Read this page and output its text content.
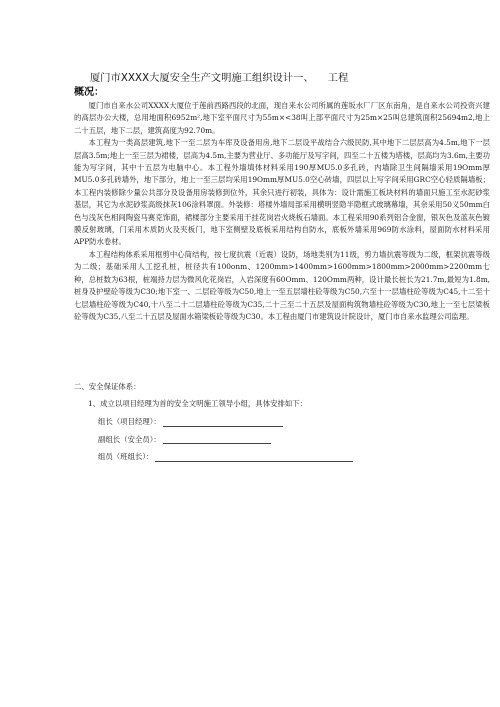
厦门市XXXX大厦安全生产文明施工组织设计一、 工程
概况：

厦门市自来水公司XXXX大厦位于莲前西路西段的北面，现自来水公司所属的莲坂水厂厂区东南角，是自来水公司投资兴建的高层办公大楼，总用地面积6952m²,地下室平面尺寸为55m×<38叫上部平面尺寸为25m×25叫总建筑面积25694m2,地上二十五层，地下二层，建筑高度为92.70m。

本工程为一类高层建筑,地下一至二层为车库及设备用房,地下二层设平战结合六级民防,其中地下二层层高为4.5m,地下一层层高3.5m;地上一至三层为裙楼，层高为4.5m,主要为营业厅、多功能厅及写字间，四至二十五楼为塔楼，层高均为3.6m,主要功能为写字间，其中十五层为电脑中心。本工程外墙填体材料采用190厚MU5.0多孔砖，内墙除卫生间隔墙采用19Omm厚MU5.0多孔砖墙外，地下部分，地上一至三层均采用19Omm厚MU5.0空心砖墙，四层以上写字间采用GRC空心轻质隔墙板；本工程内装修除少量公共部分及设备用房装修到位外，其余只进行初装，具体为：设计需施工板块材料的墙面只施工至水泥砂浆基层，其它为水泥砂浆高级抹灰106涂料罩面。外装修：塔楼外墙局部采用横明竖隐半隐框式玻璃幕墙，其余采用50义50mm白色与浅灰色相间陶瓷马赛克饰面，裙楼部分主要采用干挂花岗岩火烧板石墙面。本工程采用90系列铝合金窗，银灰色及蓝灰色镀膜反射玻璃，门采用木质防火及夹板门，地下室侧壁及底板采用结构自防水，底板外墙采用969防水涂料，屋面防水材料采用APP防水卷材。

本工程结构体系采用框剪中心筒结构，按七度抗震（近震）设防，场地类别为11级，剪力墙抗震等级为二级，框架抗震等级为二级；基础采用人工挖孔桩，桩径共有100onm、1200mm>1400mm>1600mm>1800mm>2000mm>2200mm七种，总桩数为63根，桩端持力层为微风化花岗岩，入岩深度有60Omm、120Omm两种，设计最长桩长为21.7m,最短为1.8m,桩身及护壁砼等级为C30;地下室一、二层砼等级为C50,地上一至五层墙柱砼等级为C50,六至十一层墙柱砼等级为C45,十二至十七层墙柱砼等级为C40,十八至二十二层墙柱砼等级为C35,二十三至二十五层及屋面构筑物墙柱砼等级为C30,地上一至七层梁板砼等级为C35,八至二十五层及屋面水箱梁板砼等级为C30。本工程由厦门市建筑设计院设计，厦门市自来水监理公司监理。

二、安全保证体系：
1、成立以项目经理为首的安全文明施工领导小组，具体安排如下：
组长（项目经理）：
副组长（安全员）：
组员（班组长）：
